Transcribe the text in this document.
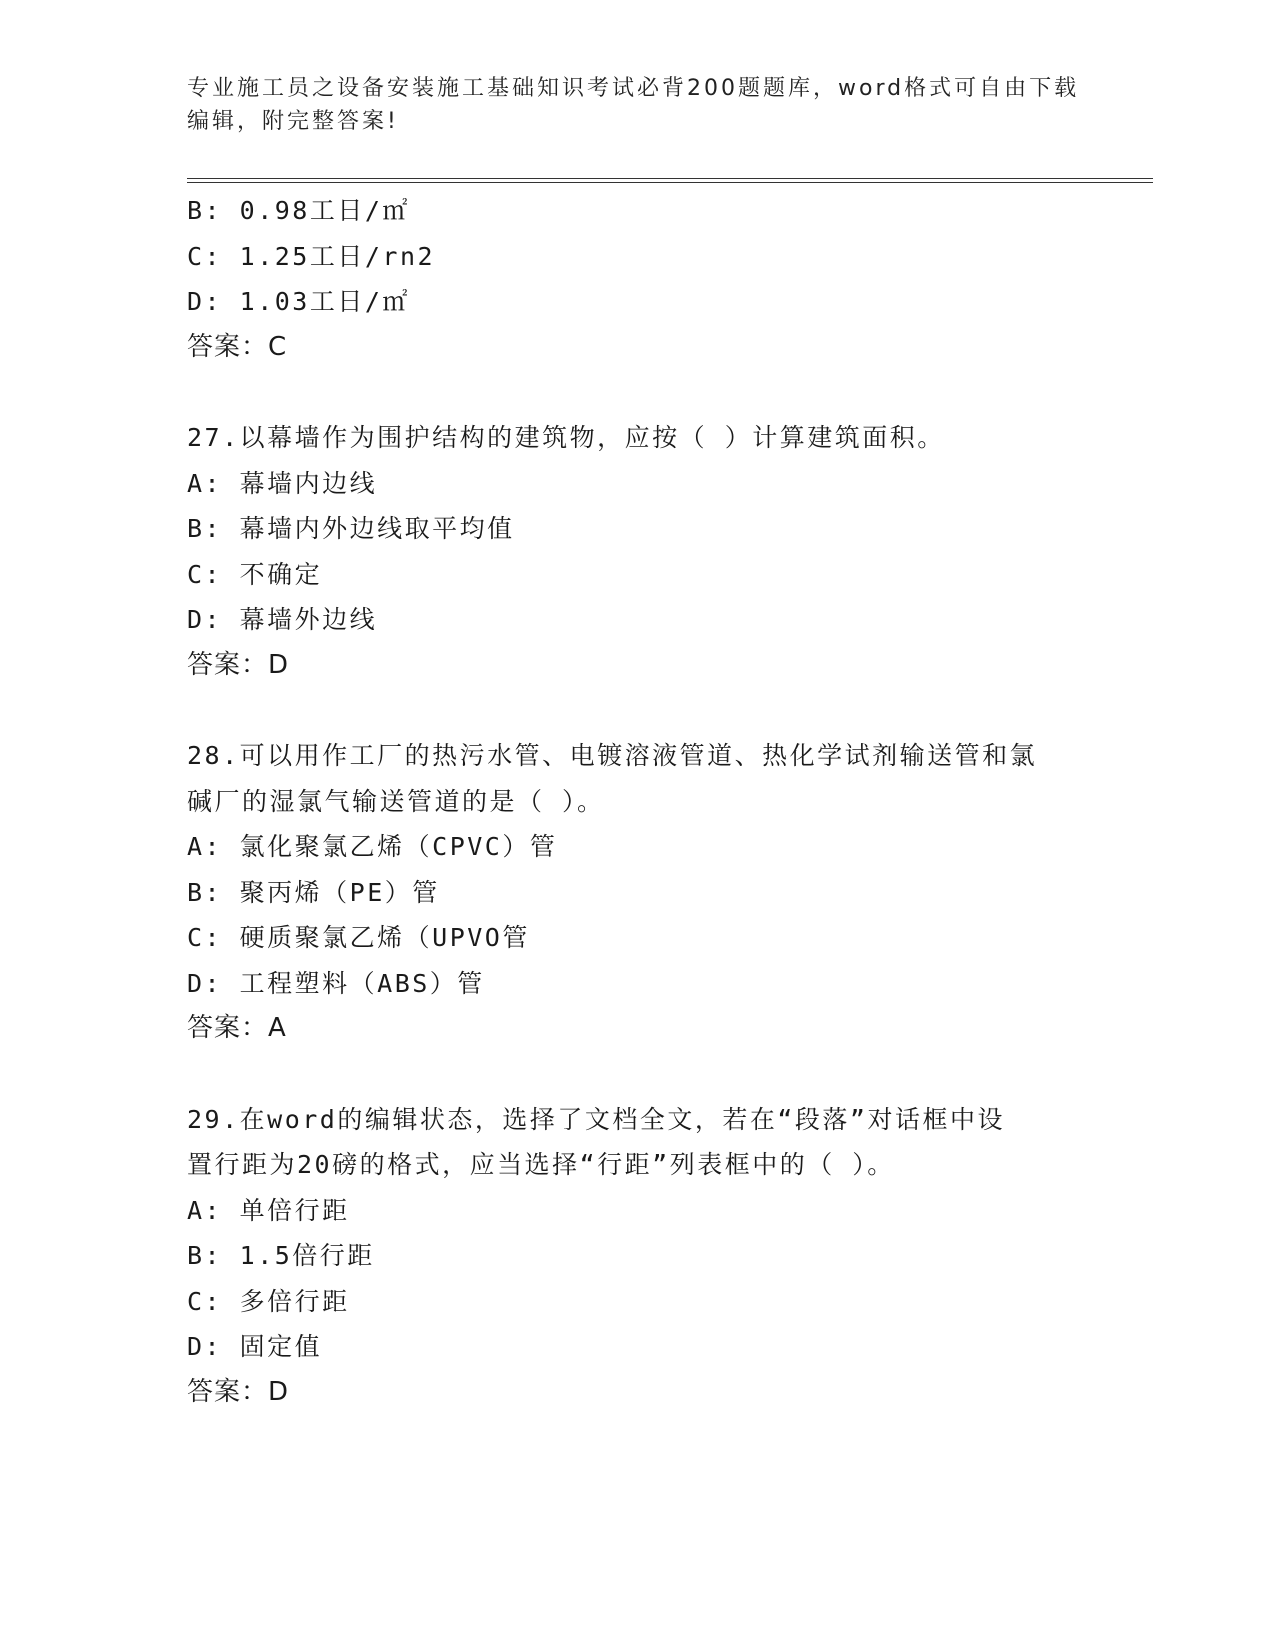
专业施工员之设备安装施工基础知识考试必背200题题库，word格式可自由下载
编辑，附完整答案!
B: 0.98工日/㎡
C: 1.25工日/rn2
D: 1.03工日/㎡
答案：C
27.以幕墙作为围护结构的建筑物，应按（ ）计算建筑面积。
A: 幕墙内边线
B: 幕墙内外边线取平均值
C: 不确定
D: 幕墙外边线
答案：D
28.可以用作工厂的热污水管、电镀溶液管道、热化学试剂输送管和氯
碱厂的湿氯气输送管道的是（ ）。
A: 氯化聚氯乙烯（CPVC）管
B: 聚丙烯（PE）管
C: 硬质聚氯乙烯（UPVO管
D: 工程塑料（ABS）管
答案：A
29.在word的编辑状态，选择了文档全文，若在“段落”对话框中设
置行距为20磅的格式，应当选择“行距”列表框中的（ ）。
A: 单倍行距
B: 1.5倍行距
C: 多倍行距
D: 固定值
答案：D
